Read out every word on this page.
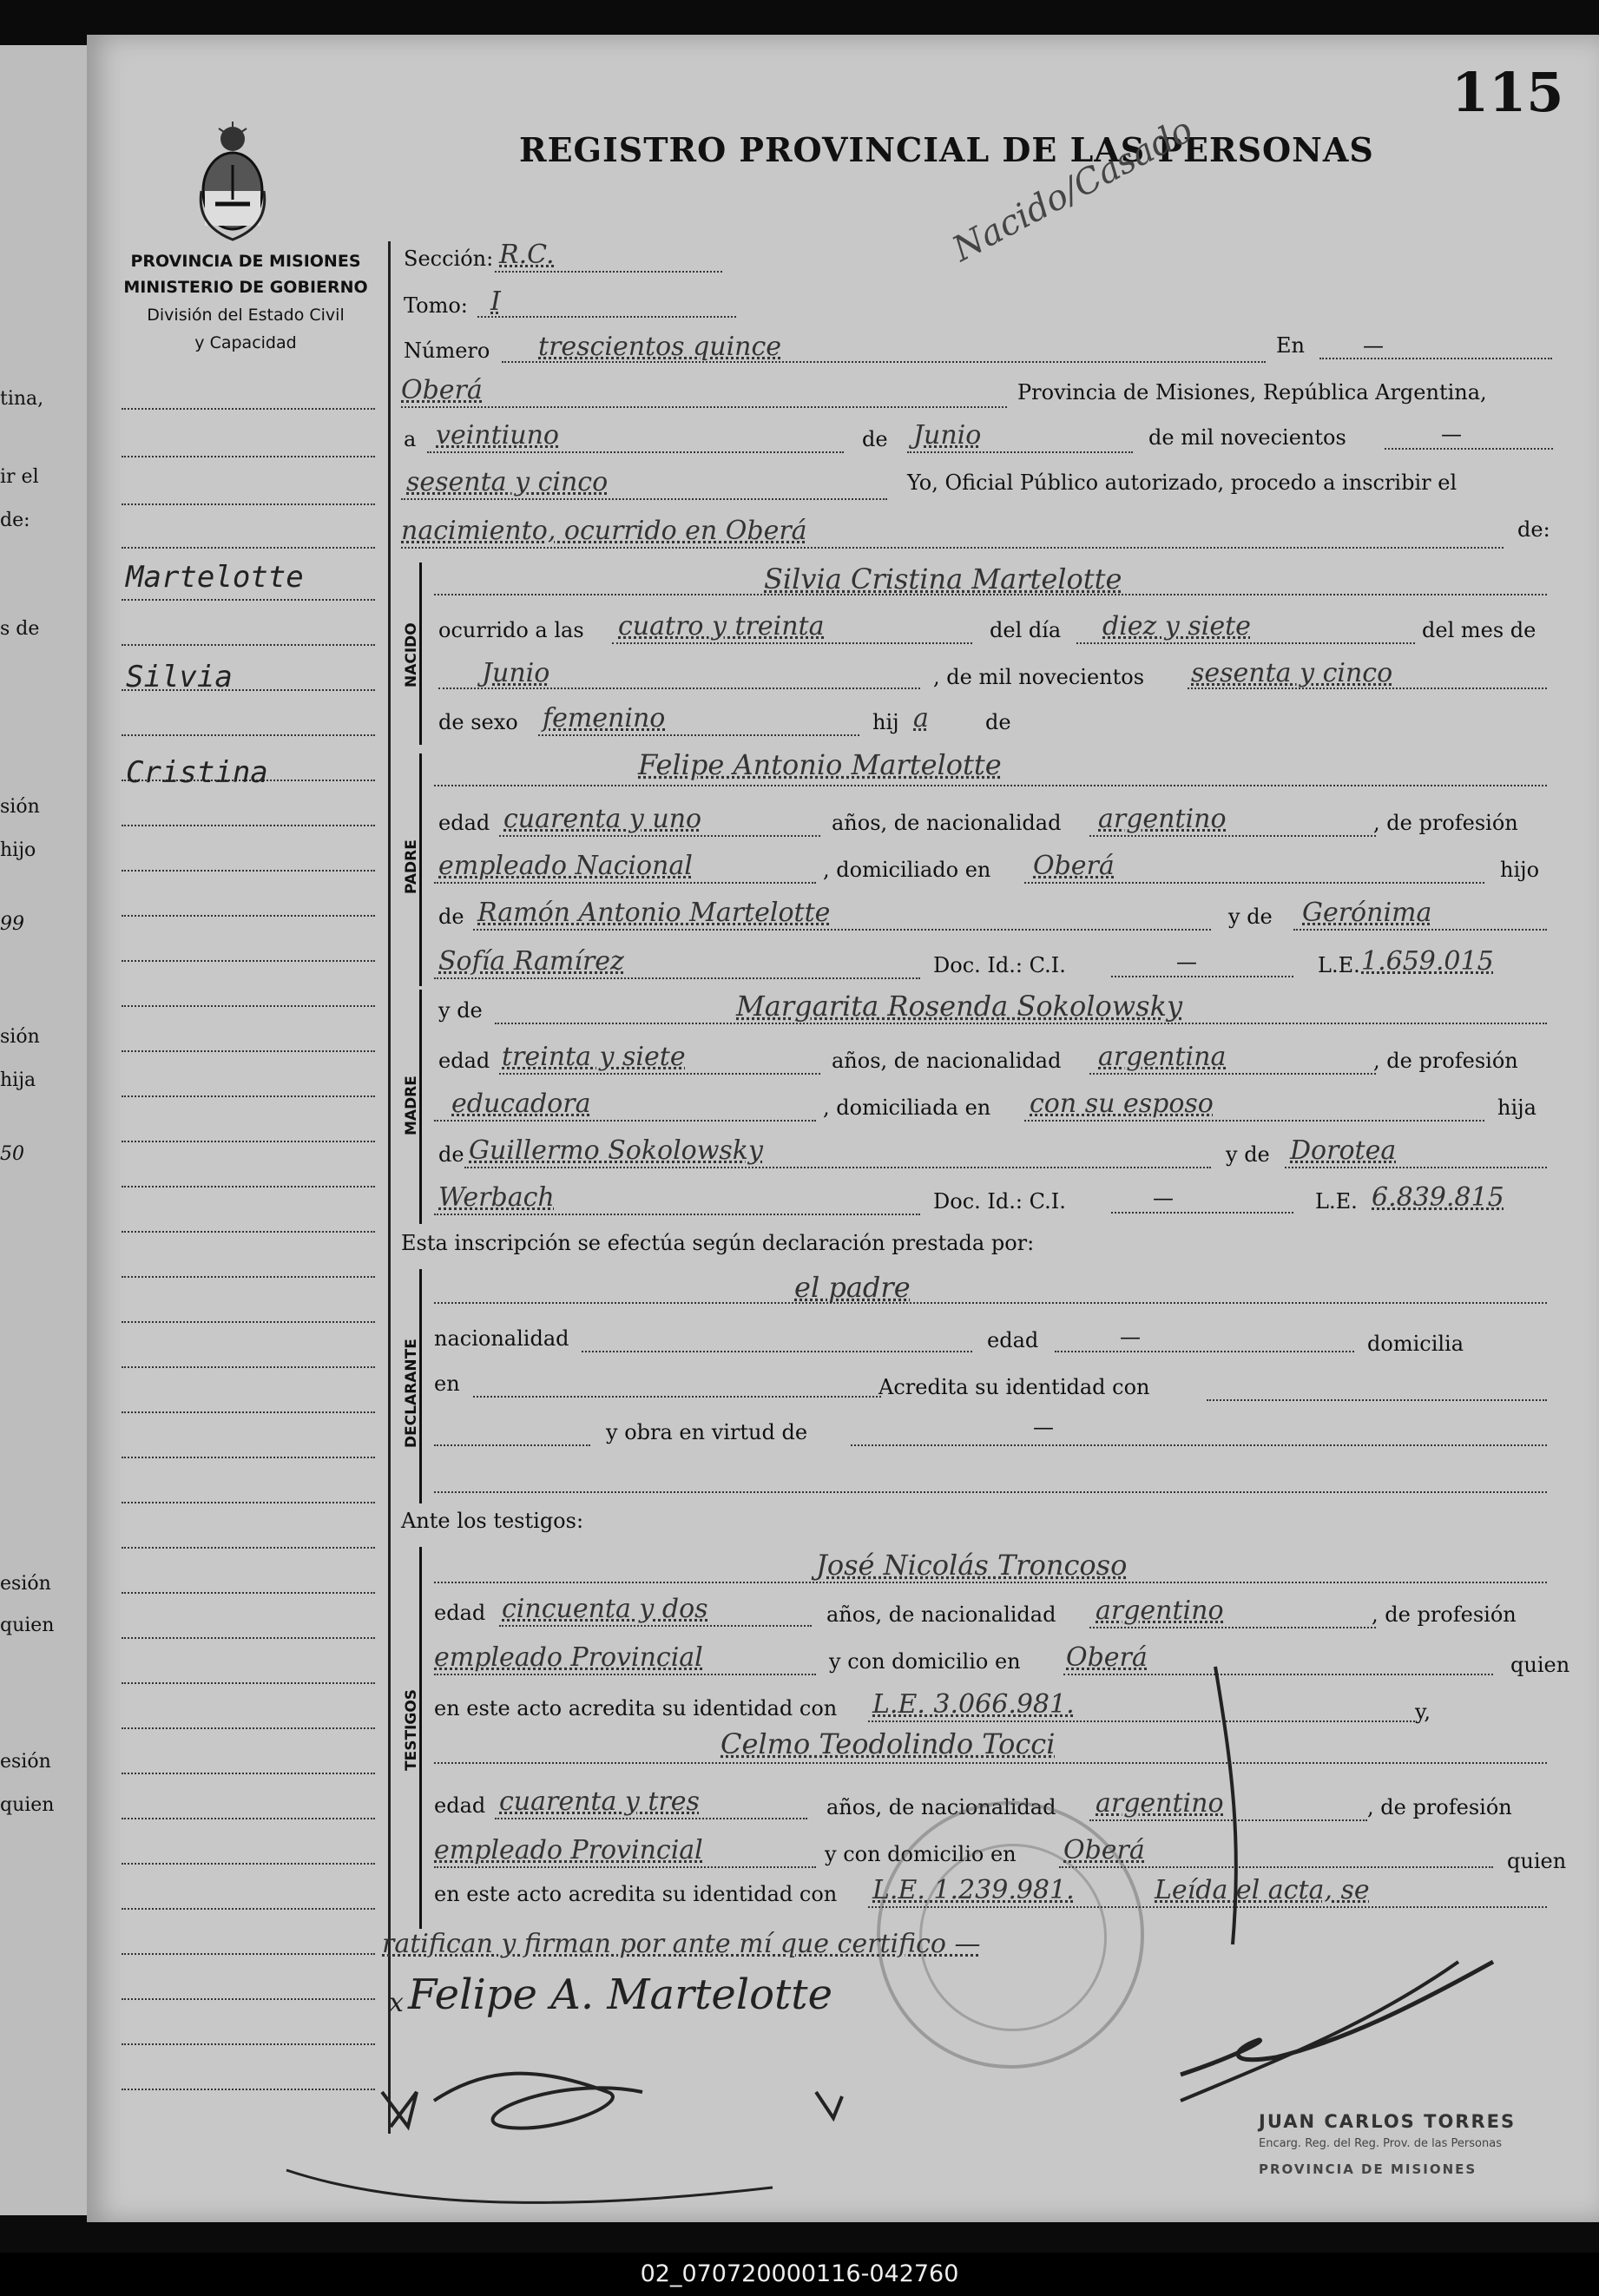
tina,
ir el
de:
s de
sión
hijo
99
sión
hija
50
esión
quien
esión
quien
115
REGISTRO PROVINCIAL DE LAS PERSONAS
Nacido/Casado
PROVINCIA DE MISIONES
MINISTERIO DE GOBIERNO
División del Estado Civil
y Capacidad
Martelotte
Silvia
Cristina
Sección: R.C.
Tomo: I
Número trescientos quince	En	—
Oberá	Provincia de Misiones, República Argentina,
a veintiuno	de Junio	de mil novecientos	—
sesenta y cinco	Yo, Oficial Público autorizado, procedo a inscribir el
nacimiento, ocurrido en Oberá	de:
NACIDO
Silvia Cristina Martelotte
ocurrido a las cuatro y treinta	del día diez y siete	del mes de
Junio	, de mil novecientos sesenta y cinco
de sexo femenino	hij a	de
PADRE
Felipe Antonio Martelotte
edad cuarenta y uno	años, de nacionalidad argentino	, de profesión
empleado Nacional	, domiciliado en Oberá	hijo
de Ramón Antonio Martelotte	y de Gerónima
Sofía Ramírez	Doc. Id.: C.I.	—	L.E. 1.659.015
MADRE
y de	Margarita Rosenda Sokolowsky
edad treinta y siete	años, de nacionalidad argentina	, de profesión
educadora	, domiciliada en con su esposo	hija
de Guillermo Sokolowsky	y de Dorotea
Werbach	Doc. Id.: C.I.	—	L.E. 6.839.815
Esta inscripción se efectúa según declaración prestada por:
DECLARANTE
el padre
nacionalidad	edad	—	domicilia
en	Acredita su identidad con
y obra en virtud de	—
Ante los testigos:
TESTIGOS
José Nicolás Troncoso
edad cincuenta y dos	años, de nacionalidad argentino	, de profesión
empleado Provincial	y con domicilio en Oberá	quien
en este acto acredita su identidad con L.E. 3.066.981.	y,
Celmo Teodolindo Tocci
edad cuarenta y tres	años, de nacionalidad argentino	, de profesión
empleado Provincial	y con domicilio en Oberá	quien
en este acto acredita su identidad con L.E. 1.239.981.	Leída el acta, se
ratifican y firman por ante mí que certifico —
x Felipe A. Martelotte
JUAN CARLOS TORRES
Encarg. Reg. del Reg. Prov. de las Personas
PROVINCIA DE MISIONES
02_070720000116-042760
